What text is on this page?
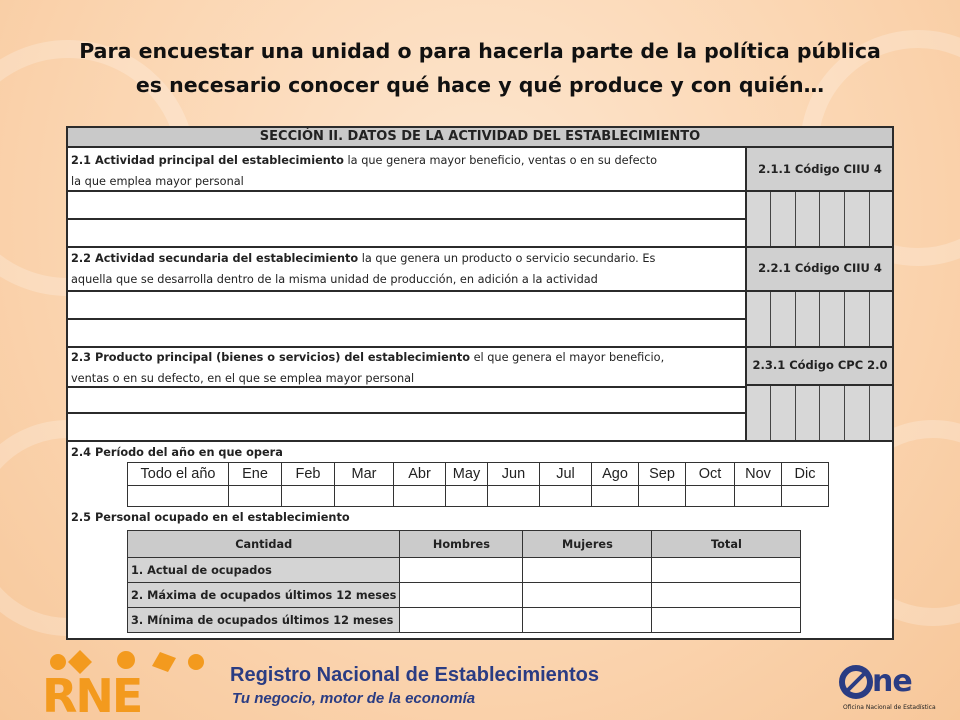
Para encuestar una unidad o para hacerla parte de la política pública
es necesario conocer qué hace y qué produce y con quién…
SECCIÓN II. DATOS DE LA ACTIVIDAD DEL ESTABLECIMIENTO
2.1 Actividad principal del establecimiento la que genera mayor beneficio, ventas o en su defecto
la que emplea mayor personal
2.1.1 Código CIIU 4
2.2 Actividad secundaria del establecimiento la que genera un producto o servicio secundario. Es
aquella que se desarrolla dentro de la misma unidad de producción, en adición a la actividad
2.2.1 Código CIIU 4
2.3 Producto principal (bienes o servicios) del establecimiento el que genera el mayor beneficio,
ventas o en su defecto, en el que se emplea mayor personal
2.3.1 Código CPC 2.0
2.4 Período del año en que opera
Todo el año	Ene	Feb	Mar	Abr	May	Jun	Jul	Ago	Sep	Oct	Nov	Dic

2.5 Personal ocupado en el establecimiento
Cantidad	Hombres	Mujeres	Total
1. Actual de ocupados			
2. Máxima de ocupados últimos 12 meses			
3. Mínima de ocupados últimos 12 meses			
RNE	Registro Nacional de Establecimientos
Tu negocio, motor de la economía	ne
Oficina Nacional de Estadística
